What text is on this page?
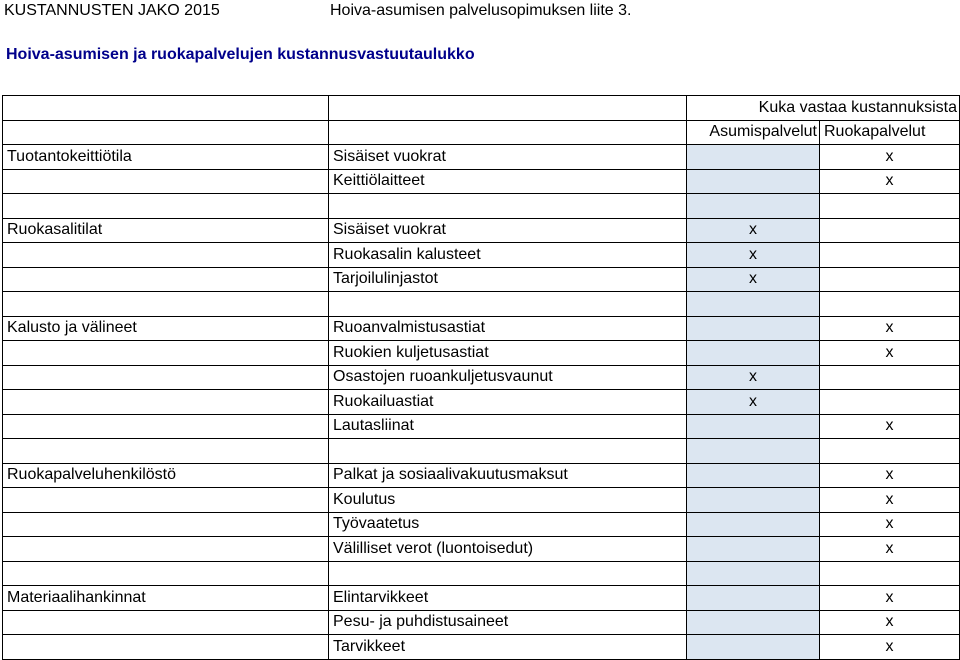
KUSTANNUSTEN JAKO 2015	Hoiva-asumisen palvelusopimuksen liite 3.
Hoiva-asumisen ja ruokapalvelujen kustannusvastuutaulukko
		Kuka vastaa kustannuksista	
		Asumispalvelut	Ruokapalvelut
Tuotantokeittiötila	Sisäiset vuokrat		x
	Keittiölaitteet		x

Ruokasalitilat	Sisäiset vuokrat	x	
	Ruokasalin kalusteet	x	
	Tarjoilulinjastot	x	

Kalusto ja välineet	Ruoanvalmistusastiat		x
	Ruokien kuljetusastiat		x
	Osastojen ruoankuljetusvaunut	x	
	Ruokailuastiat	x	
	Lautasliinat		x

Ruokapalveluhenkilöstö	Palkat ja sosiaalivakuutusmaksut		x
	Koulutus		x
	Työvaatetus		x
	Välilliset verot (luontoisedut)		x

Materiaalihankinnat	Elintarvikkeet		x
	Pesu- ja puhdistusaineet		x
	Tarvikkeet		x
